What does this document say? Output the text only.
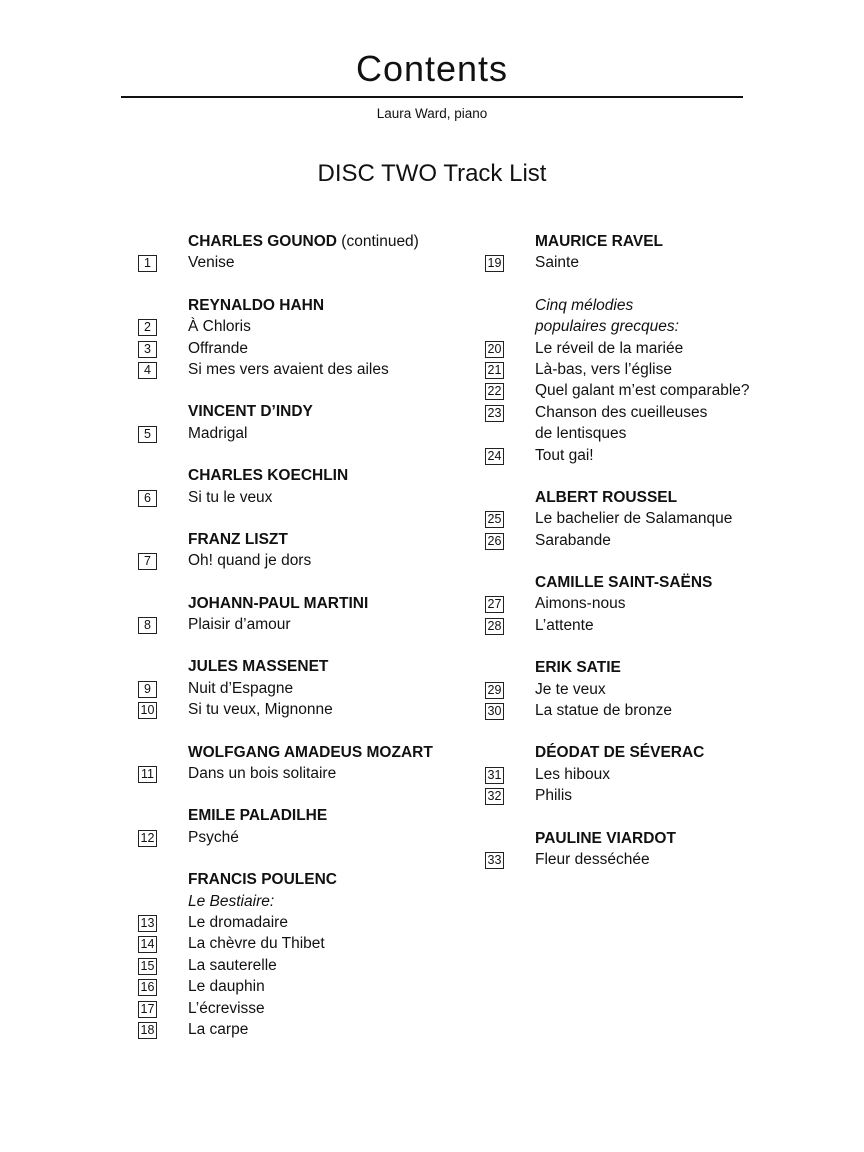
Contents
Laura Ward, piano
DISC TWO Track List
CHARLES GOUNOD (continued)
1	Venise
REYNALDO HAHN
2	À Chloris
3	Offrande
4	Si mes vers avaient des ailes
VINCENT D’INDY
5	Madrigal
CHARLES KOECHLIN
6	Si tu le veux
FRANZ LISZT
7	Oh! quand je dors
JOHANN-PAUL MARTINI
8	Plaisir d’amour
JULES MASSENET
9	Nuit d’Espagne
10 Si tu veux, Mignonne
WOLFGANG AMADEUS MOZART
11 Dans un bois solitaire
EMILE PALADILHE
12 Psyché
FRANCIS POULENC
Le Bestiaire:
13 Le dromadaire
14 La chèvre du Thibet
15 La sauterelle
16 Le dauphin
17 L’écrevisse
18 La carpe
MAURICE RAVEL
19 Sainte
Cinq mélodies
populaires grecques:
20 Le réveil de la mariée
21 Là-bas, vers l’église
22 Quel galant m’est comparable?
23 Chanson des cueilleuses
de lentisques
24 Tout gai!
ALBERT ROUSSEL
25 Le bachelier de Salamanque
26 Sarabande
CAMILLE SAINT-SAËNS
27 Aimons-nous
28 L’attente
ERIK SATIE
29 Je te veux
30 La statue de bronze
DÉODAT DE SÉVERAC
31 Les hiboux
32 Philis
PAULINE VIARDOT
33 Fleur desséchée
